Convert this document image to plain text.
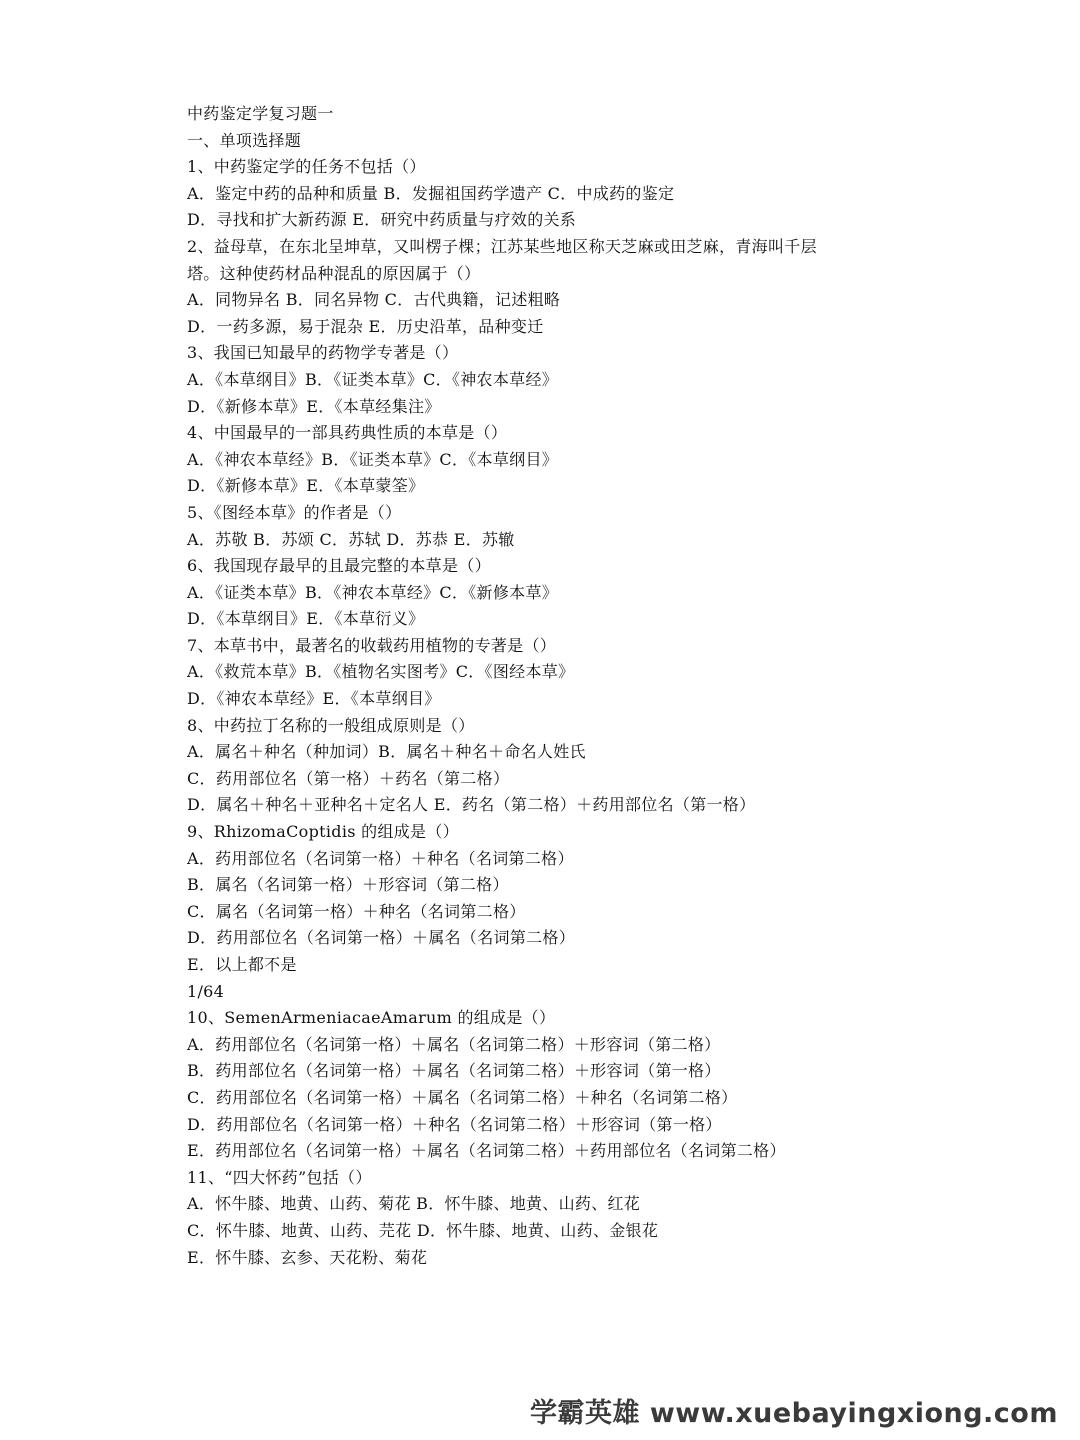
中药鉴定学复习题一
一、单项选择题
1、中药鉴定学的任务不包括（）
A．鉴定中药的品种和质量 B．发掘祖国药学遗产 C．中成药的鉴定
D．寻找和扩大新药源 E．研究中药质量与疗效的关系
2、益母草，在东北呈坤草，又叫楞子棵；江苏某些地区称天芝麻或田芝麻，青海叫千层
塔。这种使药材品种混乱的原因属于（）
A．同物异名 B．同名异物 C．古代典籍，记述粗略
D．一药多源，易于混杂 E．历史沿革，品种变迁
3、我国已知最早的药物学专著是（）
A．《本草纲目》B．《证类本草》C．《神农本草经》
D．《新修本草》E．《本草经集注》
4、中国最早的一部具药典性质的本草是（）
A．《神农本草经》B．《证类本草》C．《本草纲目》
D．《新修本草》E．《本草蒙筌》
5、《图经本草》的作者是（）
A．苏敬 B．苏颂 C．苏轼 D．苏恭 E．苏辙
6、我国现存最早的且最完整的本草是（）
A．《证类本草》B．《神农本草经》C．《新修本草》
D．《本草纲目》E．《本草衍义》
7、本草书中，最著名的收载药用植物的专著是（）
A．《救荒本草》B．《植物名实图考》C．《图经本草》
D．《神农本草经》E．《本草纲目》
8、中药拉丁名称的一般组成原则是（）
A．属名＋种名（种加词）B．属名＋种名＋命名人姓氏
C．药用部位名（第一格）＋药名（第二格）
D．属名＋种名＋亚种名＋定名人 E．药名（第二格）＋药用部位名（第一格）
9、RhizomaCoptidis 的组成是（）
A．药用部位名（名词第一格）＋种名（名词第二格）
B．属名（名词第一格）＋形容词（第二格）
C．属名（名词第一格）＋种名（名词第二格）
D．药用部位名（名词第一格）＋属名（名词第二格）
E．以上都不是
1/64
10、SemenArmeniacaeAmarum 的组成是（）
A．药用部位名（名词第一格）＋属名（名词第二格）＋形容词（第二格）
B．药用部位名（名词第一格）＋属名（名词第二格）＋形容词（第一格）
C．药用部位名（名词第一格）＋属名（名词第二格）＋种名（名词第二格）
D．药用部位名（名词第一格）＋种名（名词第二格）＋形容词（第一格）
E．药用部位名（名词第一格）＋属名（名词第二格）＋药用部位名（名词第二格）
11、“四大怀药”包括（）
A．怀牛膝、地黄、山药、菊花 B．怀牛膝、地黄、山药、红花
C．怀牛膝、地黄、山药、芫花 D．怀牛膝、地黄、山药、金银花
E．怀牛膝、玄参、天花粉、菊花
学霸英雄 www.xuebayingxiong.com
